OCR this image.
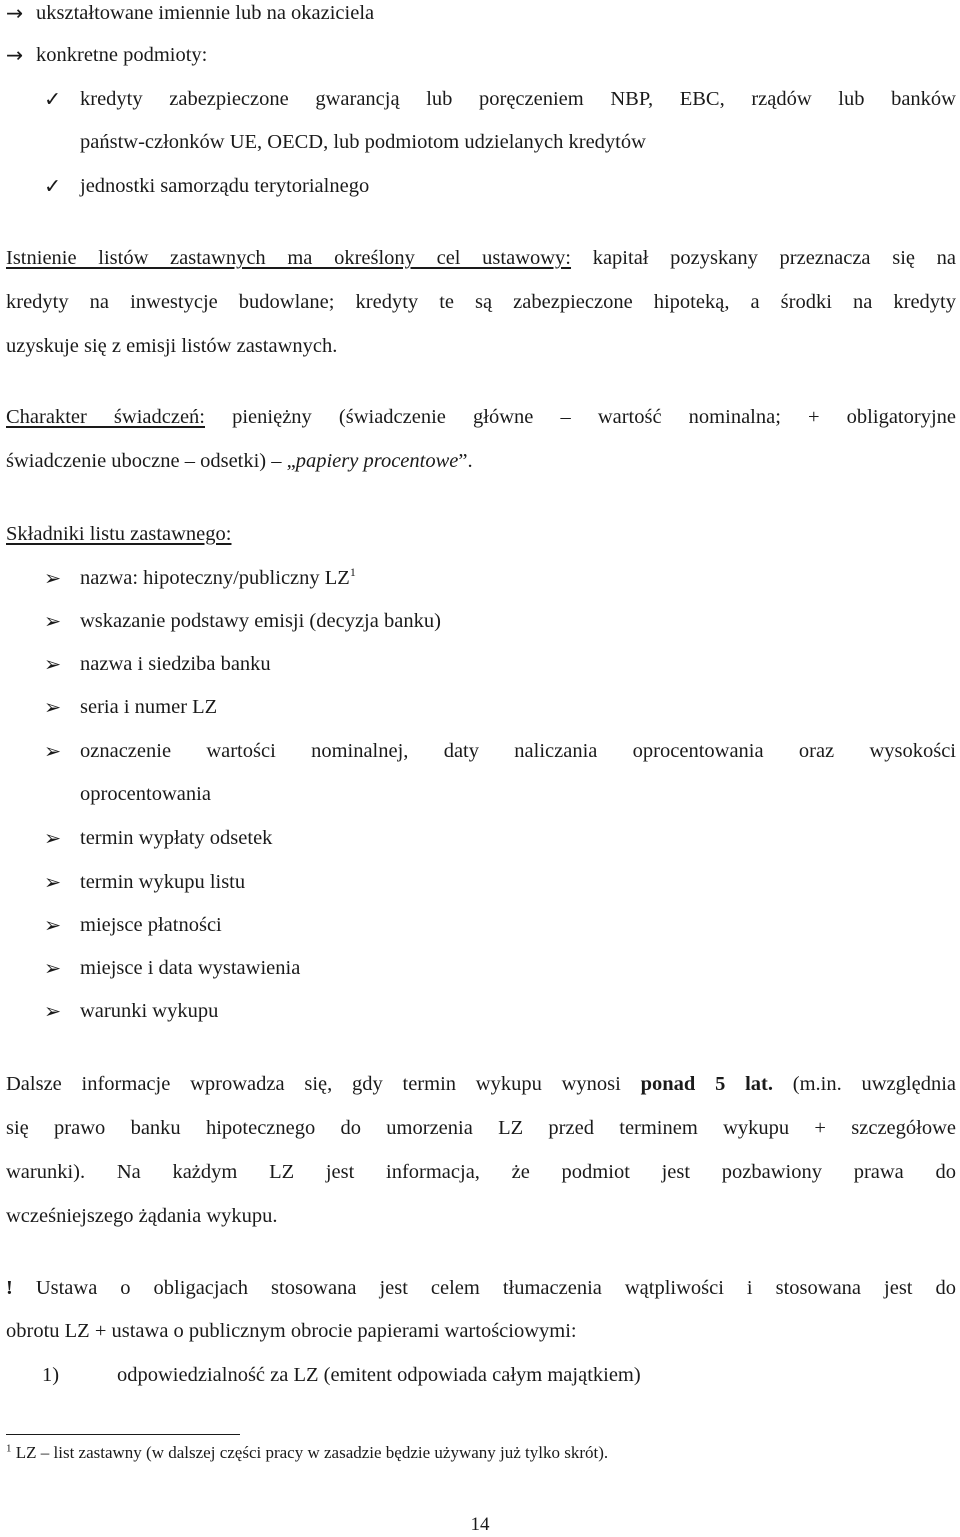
→ ukształtowane imiennie lub na okaziciela
→ konkretne podmioty:
✓ kredyty zabezpieczone gwarancją lub poręczeniem NBP, EBC, rządów lub banków
państw-członków UE, OECD, lub podmiotom udzielanych kredytów
✓ jednostki samorządu terytorialnego
Istnienie listów zastawnych ma określony cel ustawowy: kapitał pozyskany przeznacza się na
kredyty na inwestycje budowlane; kredyty te są zabezpieczone hipoteką, a środki na kredyty
uzyskuje się z emisji listów zastawnych.
Charakter świadczeń: pieniężny (świadczenie główne – wartość nominalna; + obligatoryjne
świadczenie uboczne – odsetki) – „papiery procentowe”.
Składniki listu zastawnego:
➢ nazwa: hipoteczny/publiczny $LZ^1$
➢ wskazanie podstawy emisji (decyzja banku)
➢ nazwa i siedziba banku
➢ seria i numer LZ
➢ oznaczenie wartości nominalnej, daty naliczania oprocentowania oraz wysokości
oprocentowania
➢ termin wypłaty odsetek
➢ termin wykupu listu
➢ miejsce płatności
➢ miejsce i data wystawienia
➢ warunki wykupu
Dalsze informacje wprowadza się, gdy termin wykupu wynosi ponad 5 lat. (m.in. uwzględnia
się prawo banku hipotecznego do umorzenia LZ przed terminem wykupu + szczegółowe
warunki). Na każdym LZ jest informacja, że podmiot jest pozbawiony prawa do
wcześniejszego żądania wykupu.
! Ustawa o obligacjach stosowana jest celem tłumaczenia wątpliwości i stosowana jest do
obrotu LZ + ustawa o publicznym obrocie papierami wartościowymi:
1)	odpowiedzialność za LZ (emitent odpowiada całym majątkiem)
$^1$ LZ – list zastawny (w dalszej części pracy w zasadzie będzie używany już tylko skrót).
14
